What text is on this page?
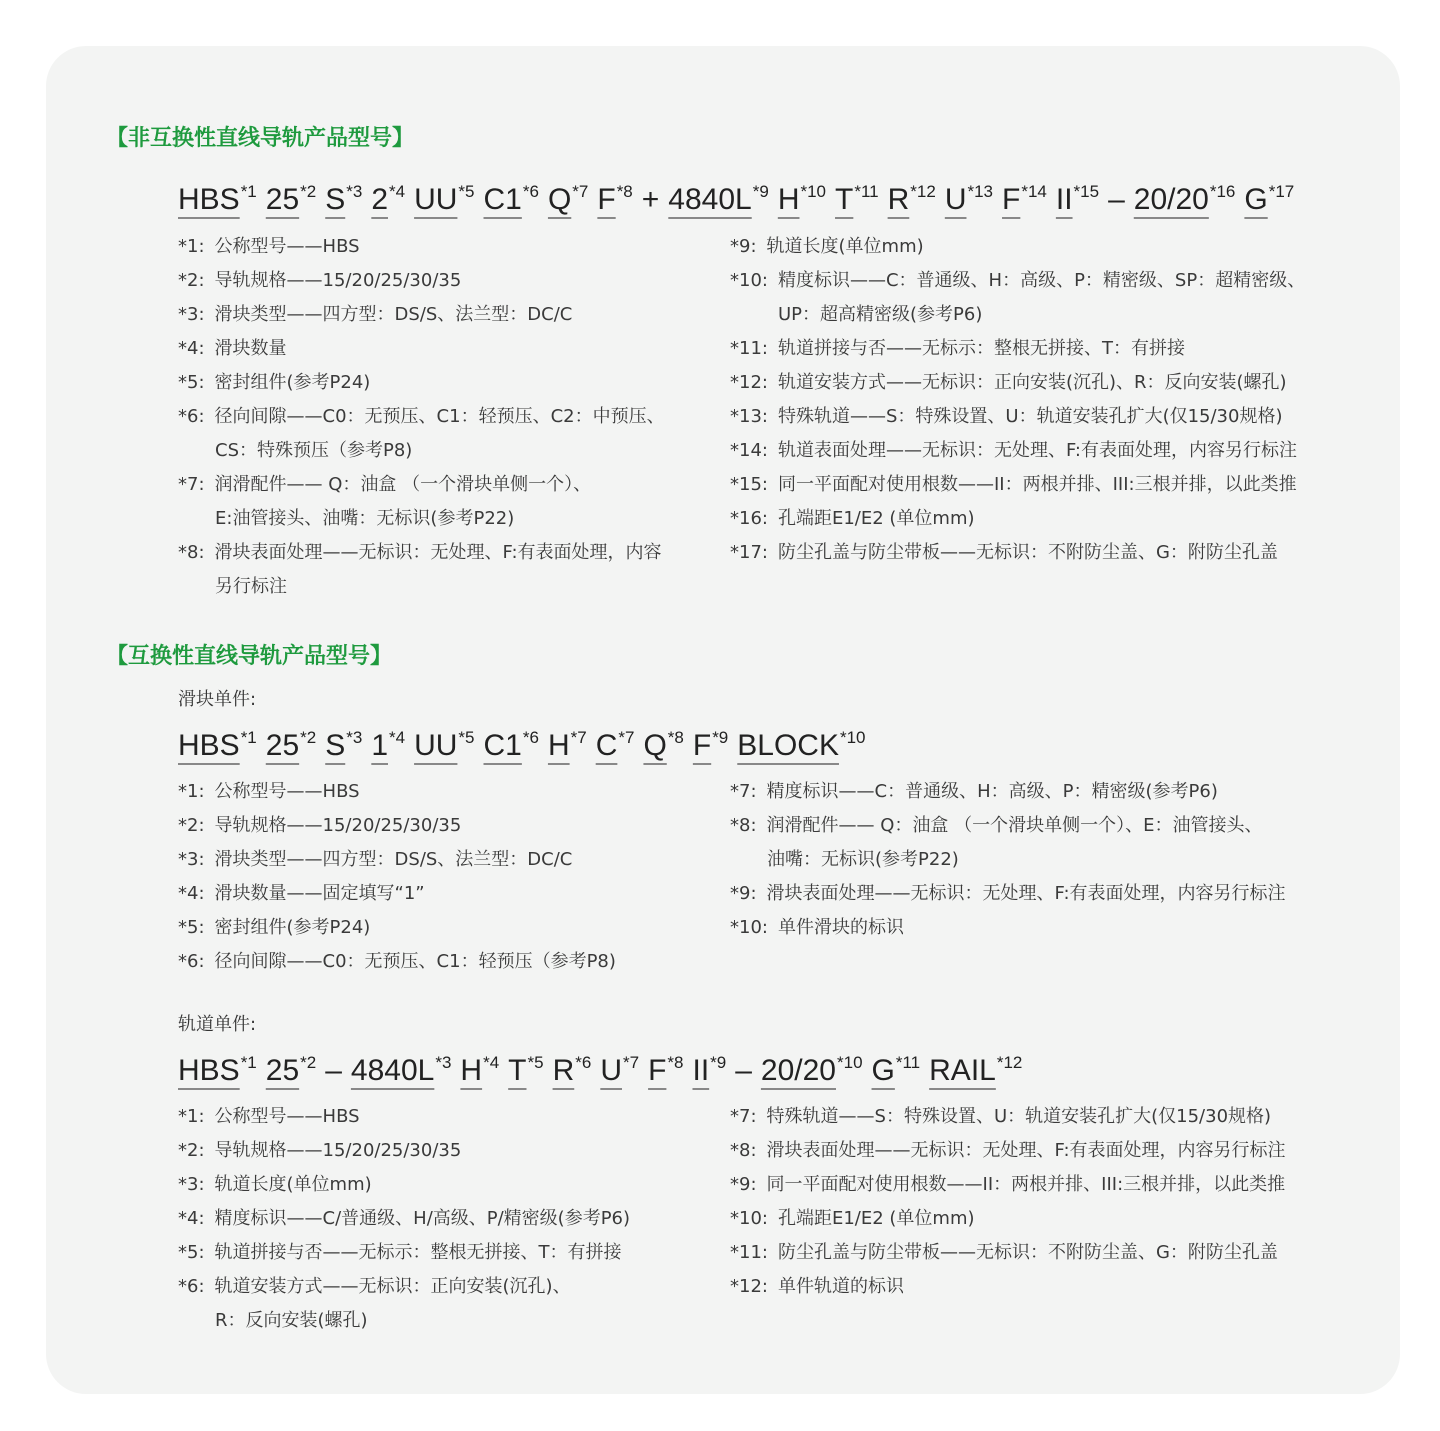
【非互换性直线导轨产品型号】
HBS$^{*1}$ 25$^{*2}$ $S^{*3}$ 2$^{*4}$ UU$^{*5}$ C1$^{*6}$ $Q^{*7}$ $F^{*8} + 4840L^{*9}$ $H^{*10}$ $T^{*11}$ $R^{*12}$ $U^{*13}$ $F^{*14}$ II$^{*15}$ – 20/20$^{*16}$ $G^{*17}$
*1: 公称型号——HBS
*2: 导轨规格——15/20/25/30/35
*3: 滑块类型——四方型：DS/S、法兰型：DC/C
*4: 滑块数量
*5: 密封组件(参考P24)
*6: 径向间隙——C0：无预压、C1：轻预压、C2：中预压、
CS：特殊预压（参考P8)
*7: 润滑配件—— Q：油盒 （一个滑块单侧一个）、
E:油管接头、油嘴：无标识(参考P22)
*8: 滑块表面处理——无标识：无处理、F:有表面处理，内容
另行标注
*9: 轨道长度(单位mm)
*10: 精度标识——C：普通级、H：高级、P：精密级、SP：超精密级、
UP：超高精密级(参考P6)
*11: 轨道拼接与否——无标示：整根无拼接、T：有拼接
*12: 轨道安装方式——无标识：正向安装(沉孔)、R：反向安装(螺孔)
*13: 特殊轨道——S：特殊设置、U：轨道安装孔扩大(仅15/30规格)
*14: 轨道表面处理——无标识：无处理、F:有表面处理，内容另行标注
*15: 同一平面配对使用根数——II：两根并排、III:三根并排，以此类推
*16: 孔端距E1/E2 (单位mm)
*17: 防尘孔盖与防尘带板——无标识：不附防尘盖、G：附防尘孔盖
【互换性直线导轨产品型号】
滑块单件:
HBS$^{*1}$ 25$^{*2}$ $S^{*3}$ 1$^{*4}$ UU$^{*5}$ C1$^{*6}$ $H^{*7}$ $C^{*7}$ $Q^{*8}$ $F^{*9}$ BLOCK$^{*10}$
*1: 公称型号——HBS
*2: 导轨规格——15/20/25/30/35
*3: 滑块类型——四方型：DS/S、法兰型：DC/C
*4: 滑块数量——固定填写“1”
*5: 密封组件(参考P24)
*6: 径向间隙——C0：无预压、C1：轻预压（参考P8)
*7: 精度标识——C：普通级、H：高级、P：精密级(参考P6)
*8: 润滑配件—— Q：油盒 （一个滑块单侧一个）、E：油管接头、
油嘴：无标识(参考P22)
*9: 滑块表面处理——无标识：无处理、F:有表面处理，内容另行标注
*10: 单件滑块的标识
轨道单件:
HBS$^{*1}$ $25^{*2} - 4840L^{*3}$ $H^{*4}$ $T^{*5}$ $R^{*6}$ $U^{*7}$ $F^{*8}$ II$^{*9}$ – 20/20$^{*10}$ $G^{*11}$ RAIL$^{*12}$
*1: 公称型号——HBS
*2: 导轨规格——15/20/25/30/35
*3: 轨道长度(单位mm)
*4: 精度标识——C/普通级、H/高级、P/精密级(参考P6)
*5: 轨道拼接与否——无标示：整根无拼接、T：有拼接
*6: 轨道安装方式——无标识：正向安装(沉孔)、
R：反向安装(螺孔)
*7: 特殊轨道——S：特殊设置、U：轨道安装孔扩大(仅15/30规格)
*8: 滑块表面处理——无标识：无处理、F:有表面处理，内容另行标注
*9: 同一平面配对使用根数——II：两根并排、III:三根并排，以此类推
*10: 孔端距E1/E2 (单位mm)
*11: 防尘孔盖与防尘带板——无标识：不附防尘盖、G：附防尘孔盖
*12: 单件轨道的标识
